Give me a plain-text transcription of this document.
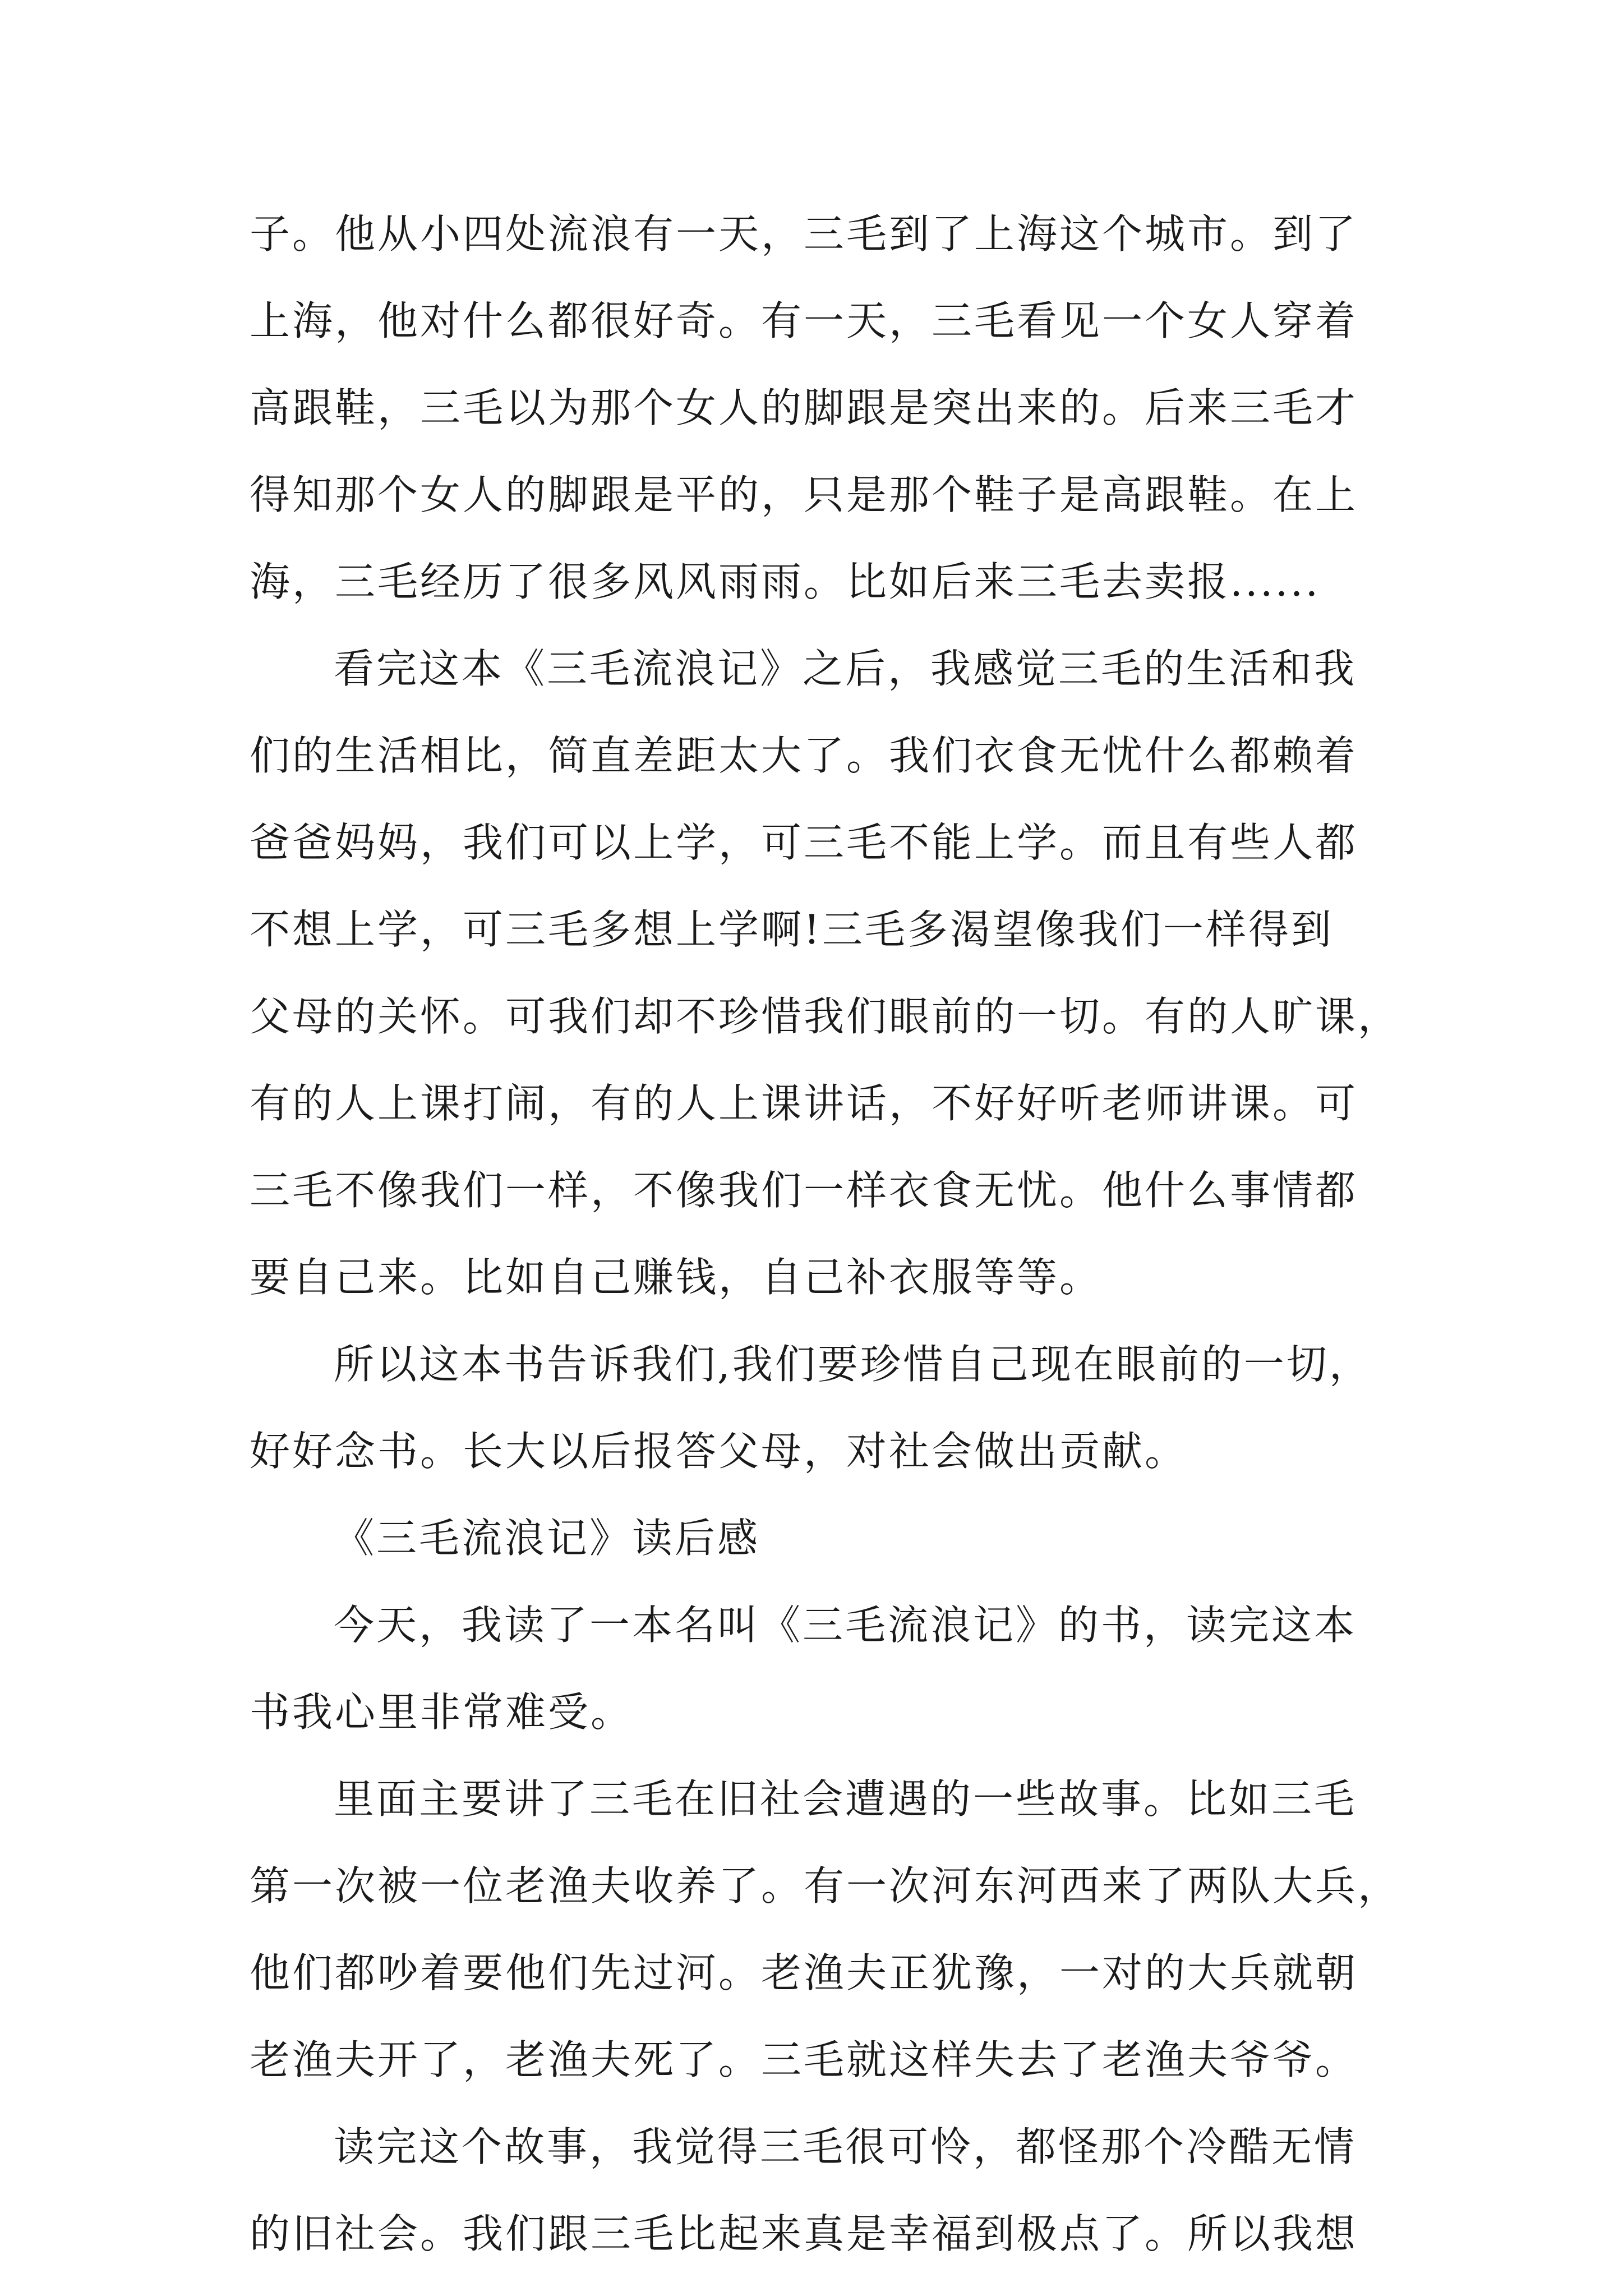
子。他从小四处流浪有一天，三毛到了上海这个城市。到了
上海，他对什么都很好奇。有一天，三毛看见一个女人穿着
高跟鞋，三毛以为那个女人的脚跟是突出来的。后来三毛才
得知那个女人的脚跟是平的，只是那个鞋子是高跟鞋。在上
海，三毛经历了很多风风雨雨。比如后来三毛去卖报......
看完这本《三毛流浪记》之后，我感觉三毛的生活和我
们的生活相比，简直差距太大了。我们衣食无忧什么都赖着
爸爸妈妈，我们可以上学，可三毛不能上学。而且有些人都
不想上学，可三毛多想上学啊!三毛多渴望像我们一样得到
父母的关怀。可我们却不珍惜我们眼前的一切。有的人旷课，
有的人上课打闹，有的人上课讲话，不好好听老师讲课。可
三毛不像我们一样，不像我们一样衣食无忧。他什么事情都
要自己来。比如自己赚钱，自己补衣服等等。
所以这本书告诉我们,我们要珍惜自己现在眼前的一切，
好好念书。长大以后报答父母，对社会做出贡献。
《三毛流浪记》读后感
今天，我读了一本名叫《三毛流浪记》的书，读完这本
书我心里非常难受。
里面主要讲了三毛在旧社会遭遇的一些故事。比如三毛
第一次被一位老渔夫收养了。有一次河东河西来了两队大兵，
他们都吵着要他们先过河。老渔夫正犹豫，一对的大兵就朝
老渔夫开了，老渔夫死了。三毛就这样失去了老渔夫爷爷。
读完这个故事，我觉得三毛很可怜，都怪那个冷酷无情
的旧社会。我们跟三毛比起来真是幸福到极点了。所以我想
